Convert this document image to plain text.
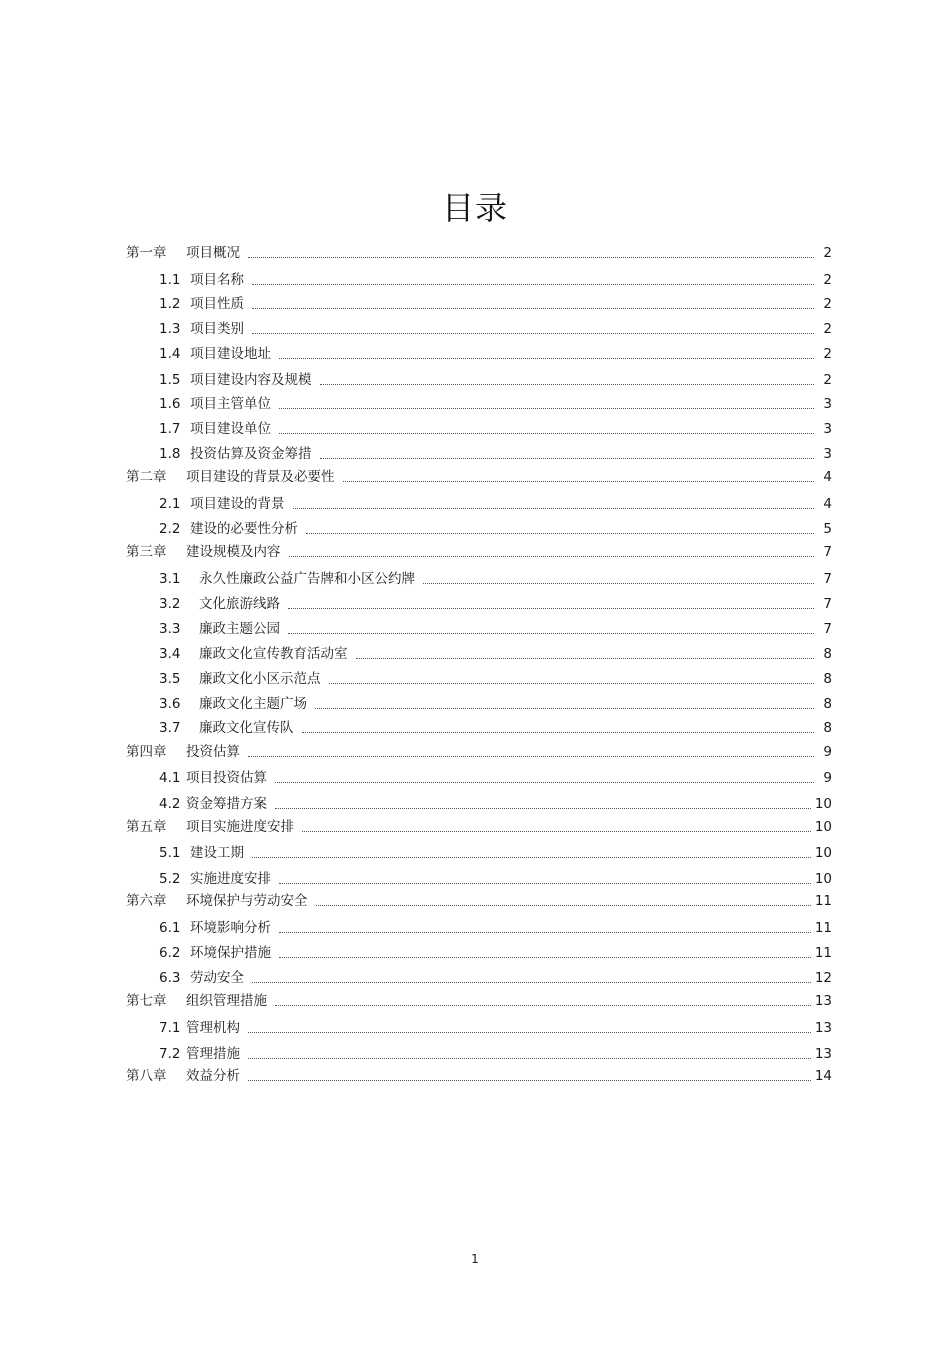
目录
第一章	项目概况	2
1.1 项目名称	2
1.2 项目性质	2
1.3 项目类别	2
1.4 项目建设地址	2
1.5 项目建设内容及规模	2
1.6 项目主管单位	3
1.7 项目建设单位	3
1.8 投资估算及资金筹措	3
第二章	项目建设的背景及必要性	4
2.1 项目建设的背景	4
2.2 建设的必要性分析	5
第三章	建设规模及内容	7
3.1	永久性廉政公益广告牌和小区公约牌	7
3.2	文化旅游线路	7
3.3	廉政主题公园	7
3.4	廉政文化宣传教育活动室	8
3.5	廉政文化小区示范点	8
3.6	廉政文化主题广场	8
3.7	廉政文化宣传队	8
第四章	投资估算	9
4.1 项目投资估算	9
4.2 资金筹措方案	10
第五章	项目实施进度安排	10
5.1 建设工期	10
5.2 实施进度安排	10
第六章	环境保护与劳动安全	11
6.1 环境影响分析	11
6.2 环境保护措施	11
6.3 劳动安全	12
第七章	组织管理措施	13
7.1 管理机构	13
7.2 管理措施	13
第八章	效益分析	14
1
